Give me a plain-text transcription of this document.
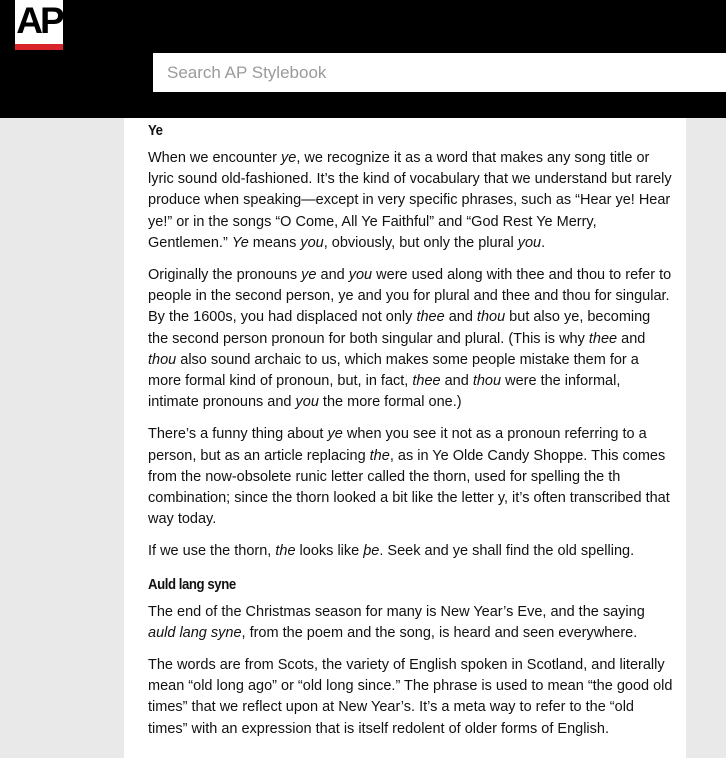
AP
Search AP Stylebook
Ye

When we encounter ye, we recognize it as a word that makes any song title or lyric sound old-fashioned. It’s the kind of vocabulary that we understand but rarely produce when speaking—except in very specific phrases, such as “Hear ye! Hear ye!” or in the songs “O Come, All Ye Faithful” and “God Rest Ye Merry, Gentlemen.” Ye means you, obviously, but only the plural you.

Originally the pronouns ye and you were used along with thee and thou to refer to people in the second person, ye and you for plural and thee and thou for singular. By the 1600s, you had displaced not only thee and thou but also ye, becoming the second person pronoun for both singular and plural. (This is why thee and thou also sound archaic to us, which makes some people mistake them for a more formal kind of pronoun, but, in fact, thee and thou were the informal, intimate pronouns and you the more formal one.)

There’s a funny thing about ye when you see it not as a pronoun referring to a person, but as an article replacing the, as in Ye Olde Candy Shoppe. This comes from the now-obsolete runic letter called the thorn, used for spelling the th combination; since the thorn looked a bit like the letter y, it’s often transcribed that way today.

If we use the thorn, the looks like þe. Seek and ye shall find the old spelling.

Auld lang syne

The end of the Christmas season for many is New Year’s Eve, and the saying auld lang syne, from the poem and the song, is heard and seen everywhere.

The words are from Scots, the variety of English spoken in Scotland, and literally mean “old long ago” or “old long since.” The phrase is used to mean “the good old times” that we reflect upon at New Year’s. It’s a meta way to refer to the “old times” with an expression that is itself redolent of older forms of English.
